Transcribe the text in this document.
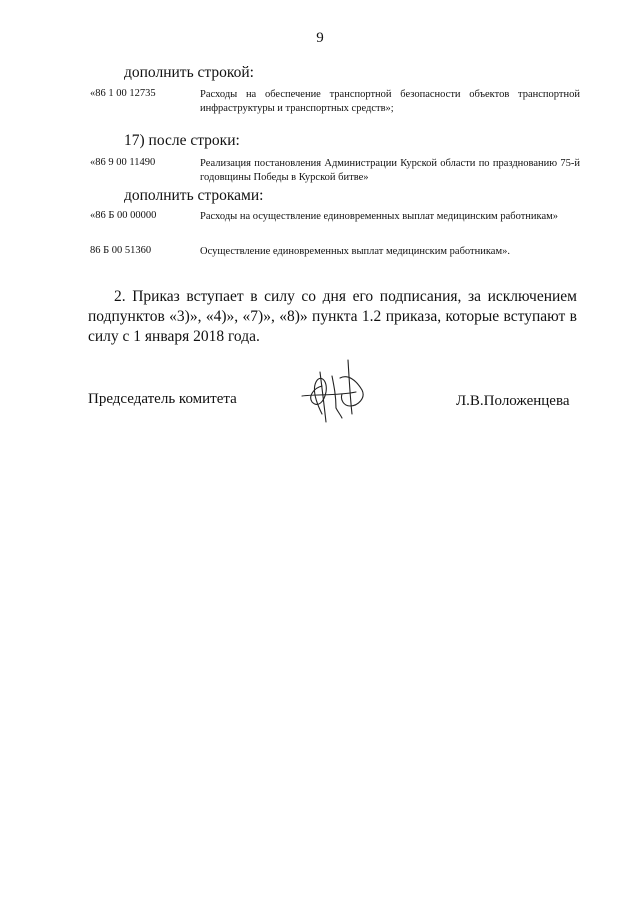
9
дополнить строкой:
«86 1 00 12735	Расходы на обеспечение транспортной безопасности объектов транспортной инфраструктуры и транспортных средств»;
17) после строки:
«86 9 00 11490	Реализация постановления Администрации Курской области по празднованию 75-й годовщины Победы в Курской битве»
дополнить строками:
«86 Б 00 00000	Расходы на осуществление единовременных выплат медицинским работникам»
86 Б 00 51360	Осуществление единовременных выплат медицинским работникам».
2. Приказ вступает в силу со дня его подписания, за исключением подпунктов «3)», «4)», «7)», «8)» пункта 1.2 приказа, которые вступают в силу с 1 января 2018 года.
Председатель комитета	Л.В.Положенцева
